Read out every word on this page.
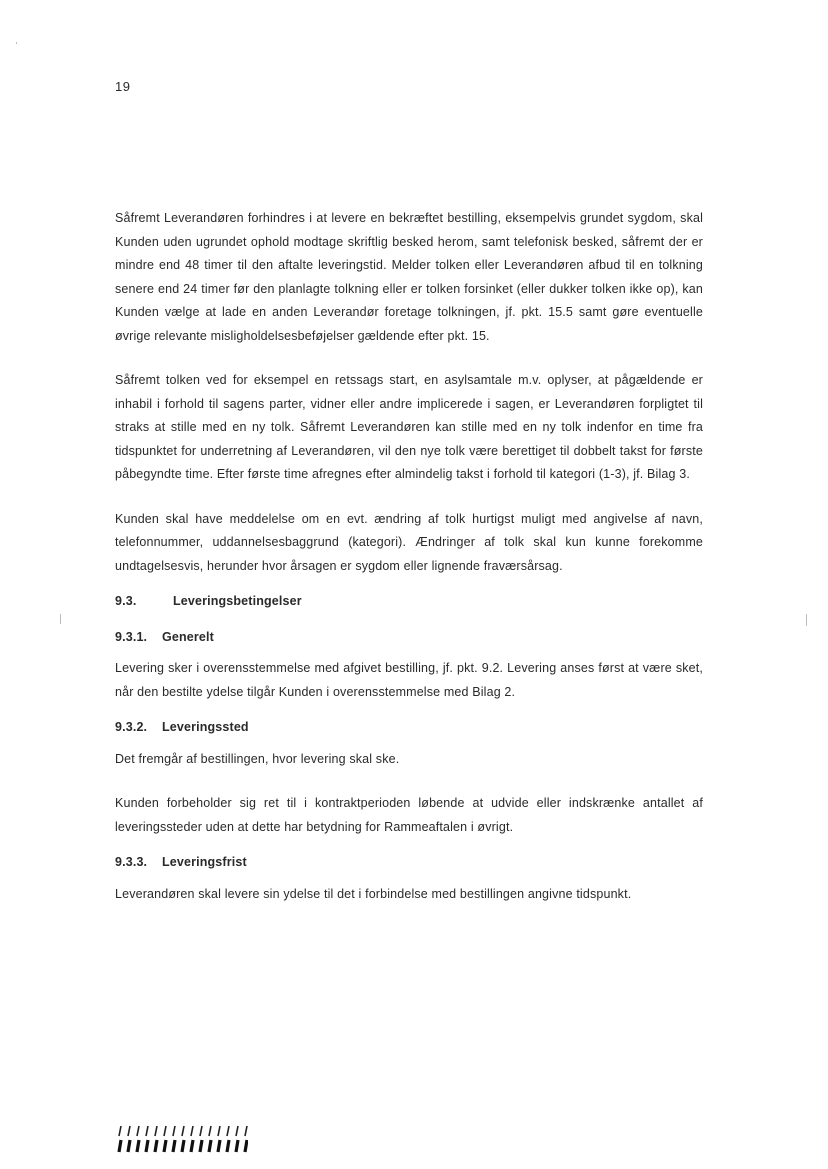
19

Såfremt Leverandøren forhindres i at levere en bekræftet bestilling, eksempelvis grundet sygdom, skal Kunden uden ugrundet ophold modtage skriftlig besked herom, samt telefonisk besked, såfremt der er mindre end 48 timer til den aftalte leveringstid. Melder tolken eller Leverandøren afbud til en tolkning senere end 24 timer før den planlagte tolkning eller er tolken forsinket (eller dukker tolken ikke op), kan Kunden vælge at lade en anden Leverandør foretage tolkningen, jf. pkt. 15.5 samt gøre eventuelle øvrige relevante misligholdelsesbeføjelser gældende efter pkt. 15.

Såfremt tolken ved for eksempel en retssags start, en asylsamtale m.v. oplyser, at pågældende er inhabil i forhold til sagens parter, vidner eller andre implicerede i sagen, er Leverandøren forpligtet til straks at stille med en ny tolk. Såfremt Leverandøren kan stille med en ny tolk indenfor en time fra tidspunktet for underretning af Leverandøren, vil den nye tolk være berettiget til dobbelt takst for første påbegyndte time. Efter første time afregnes efter almindelig takst i forhold til kategori (1-3), jf. Bilag 3.

Kunden skal have meddelelse om en evt. ændring af tolk hurtigst muligt med angivelse af navn, telefonnummer, uddannelsesbaggrund (kategori). Ændringer af tolk skal kun kunne forekomme undtagelsesvis, herunder hvor årsagen er sygdom eller lignende fraværsårsag.

9.3.	Leveringsbetingelser
9.3.1.	Generelt

Levering sker i overensstemmelse med afgivet bestilling, jf. pkt. 9.2. Levering anses først at være sket, når den bestilte ydelse tilgår Kunden i overensstemmelse med Bilag 2.

9.3.2.	Leveringssted

Det fremgår af bestillingen, hvor levering skal ske.

Kunden forbeholder sig ret til i kontraktperioden løbende at udvide eller indskrænke antallet af leveringssteder uden at dette har betydning for Rammeaftalen i øvrigt.

9.3.3.	Leveringsfrist

Leverandøren skal levere sin ydelse til det i forbindelse med bestillingen angivne tidspunkt.
